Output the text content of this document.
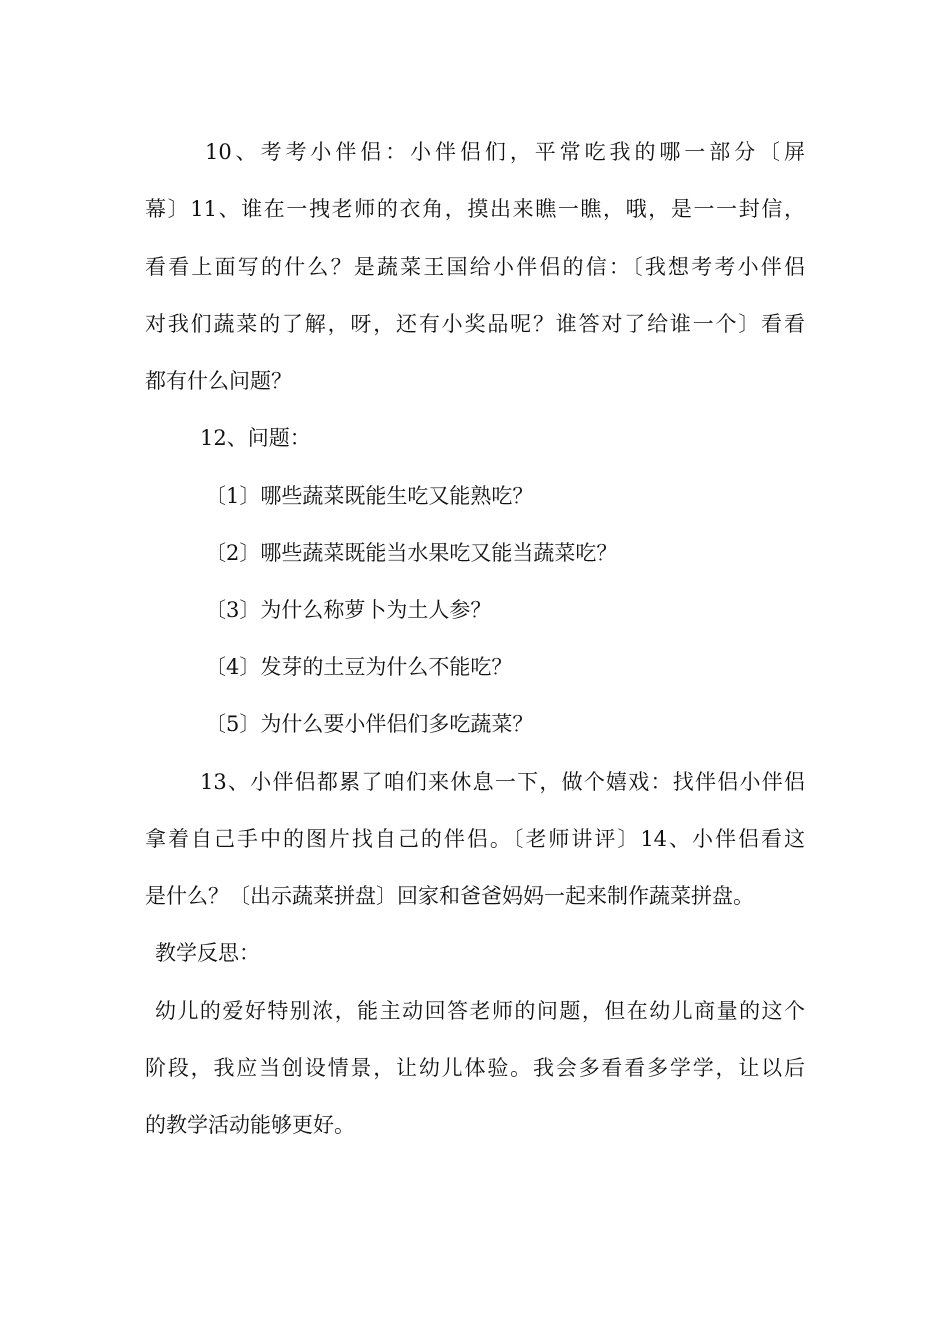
10、考考小伴侣：小伴侣们，平常吃我的哪一部分〔屏

幕〕11、谁在一拽老师的衣角，摸出来瞧一瞧，哦，是一一封信，

看看上面写的什么？是蔬菜王国给小伴侣的信：〔我想考考小伴侣

对我们蔬菜的了解，呀，还有小奖品呢？谁答对了给谁一个〕看看

都有什么问题？

12、问题：

〔1〕哪些蔬菜既能生吃又能熟吃？

〔2〕哪些蔬菜既能当水果吃又能当蔬菜吃？

〔3〕为什么称萝卜为土人参？

〔4〕发芽的土豆为什么不能吃？

〔5〕为什么要小伴侣们多吃蔬菜？

13、小伴侣都累了咱们来休息一下，做个嬉戏：找伴侣小伴侣

拿着自己手中的图片找自己的伴侣。〔老师讲评〕14、小伴侣看这

是什么？〔出示蔬菜拼盘〕回家和爸爸妈妈一起来制作蔬菜拼盘。

教学反思：

幼儿的爱好特别浓，能主动回答老师的问题，但在幼儿商量的这个

阶段，我应当创设情景，让幼儿体验。我会多看看多学学，让以后

的教学活动能够更好。
